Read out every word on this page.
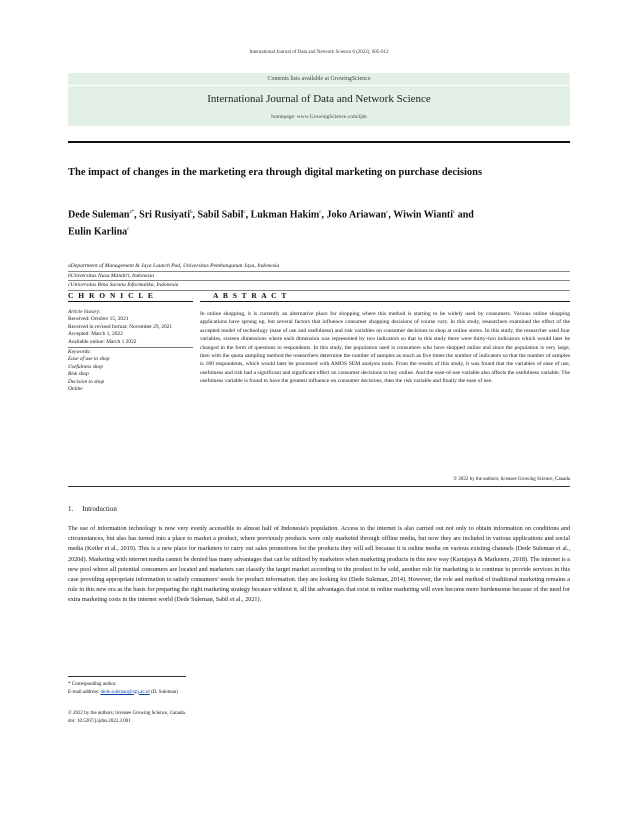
International Journal of Data and Network Science 6 (2022), 605-612
Contents lists available at GrowingScience
International Journal of Data and Network Science
homepage: www.GrowingScience.com/ijds
The impact of changes in the marketing era through digital marketing on purchase decisions
Dede Suleman$^{a*}$, Sri Rusiyati$^b$, Sabil Sabil$^c$, Lukman Hakim$^c$, Joko Ariawan$^c$, Wiwin Wianti$^c$ and
Eulin Karlina$^c$
aDepartment of Management & Jaya Launch Pad, Universitas Pembangunan Jaya, Indonesia
bUniversitas Nusa Mandiri, Indonesia
cUniversitas Bina Sarana Informatika, Indonesia
C H R O N I C L E	A B S T R A C T
Article history:
Received: October 15, 2021
Received in revised format: November 29, 2021
Accepted: March 1, 2022
Available online: March 1 2022
Keywords:
Ease of use to shop
Usefulness shop
Risk shop
Decision to shop
Online
In online shopping, it is currently an alternative place for shopping where this method is starting to be widely used by consumers. Various online shopping applications have sprung up, but several factors that influence consumer shopping decisions of course vary. In this study, researchers examined the effect of the accepted model of technology (ease of use and usefulness) and risk variables on consumer decisions to shop at online stores. In this study, the researcher used four variables, sixteen dimensions where each dimension was represented by two indicators so that in this study there were thirty-two indicators which would later be changed in the form of questions to respondents. In this study, the population used is consumers who have shopped online and since the population is very large, then with the quota sampling method the researchers determine the number of samples as much as five times the number of indicators so that the number of samples is 180 respondents, which would later be processed with AMOS SEM analysis tools. From the results of this study, it was found that the variables of ease of use, usefulness and risk had a significant and significant effect on consumer decisions to buy online. And the ease-of-use variable also affects the usefulness variable. The usefulness variable is found to have the greatest influence on consumer decisions, then the risk variable and finally the ease of use.
© 2022 by the authors; licensee Growing Science, Canada
1. Introduction
The use of information technology is now very evenly accessible to almost half of Indonesia's population. Access to the internet is also carried out not only to obtain information on conditions and circumstances, but also has turned into a place to market a product, where previously products were only marketed through offline media, but now they are included in various applications and social media (Kotler et al., 2019). This is a new place for marketers to carry out sales promotions for the products they will sell because it is online media on various existing channels (Dede Suleman et al., 2020d). Marketing with internet media cannot be denied has many advantages that can be utilized by marketers when marketing products in this new way (Kartajaya & Marketers, 2018). The internet is a new pool where all potential consumers are located and marketers can classify the target market according to the product to be sold, another role for marketing is to continue to provide services in this case providing appropriate information to satisfy consumers' needs for product information. they are looking for (Dede Suleman, 2014). However, the role and method of traditional marketing remains a rule in this new era as the basis for preparing the right marketing strategy because without it, all the advantages that exist in online marketing will even become more burdensome because of the need for extra marketing costs in the internet world (Dede Suleman, Sabil et al., 2021).
* Corresponding author.
E-mail address: dede.suleman@upj.ac.id (D. Suleman)
© 2022 by the authors; licensee Growing Science, Canada.
doi: 10.5267/j.ijdns.2022.3.001
